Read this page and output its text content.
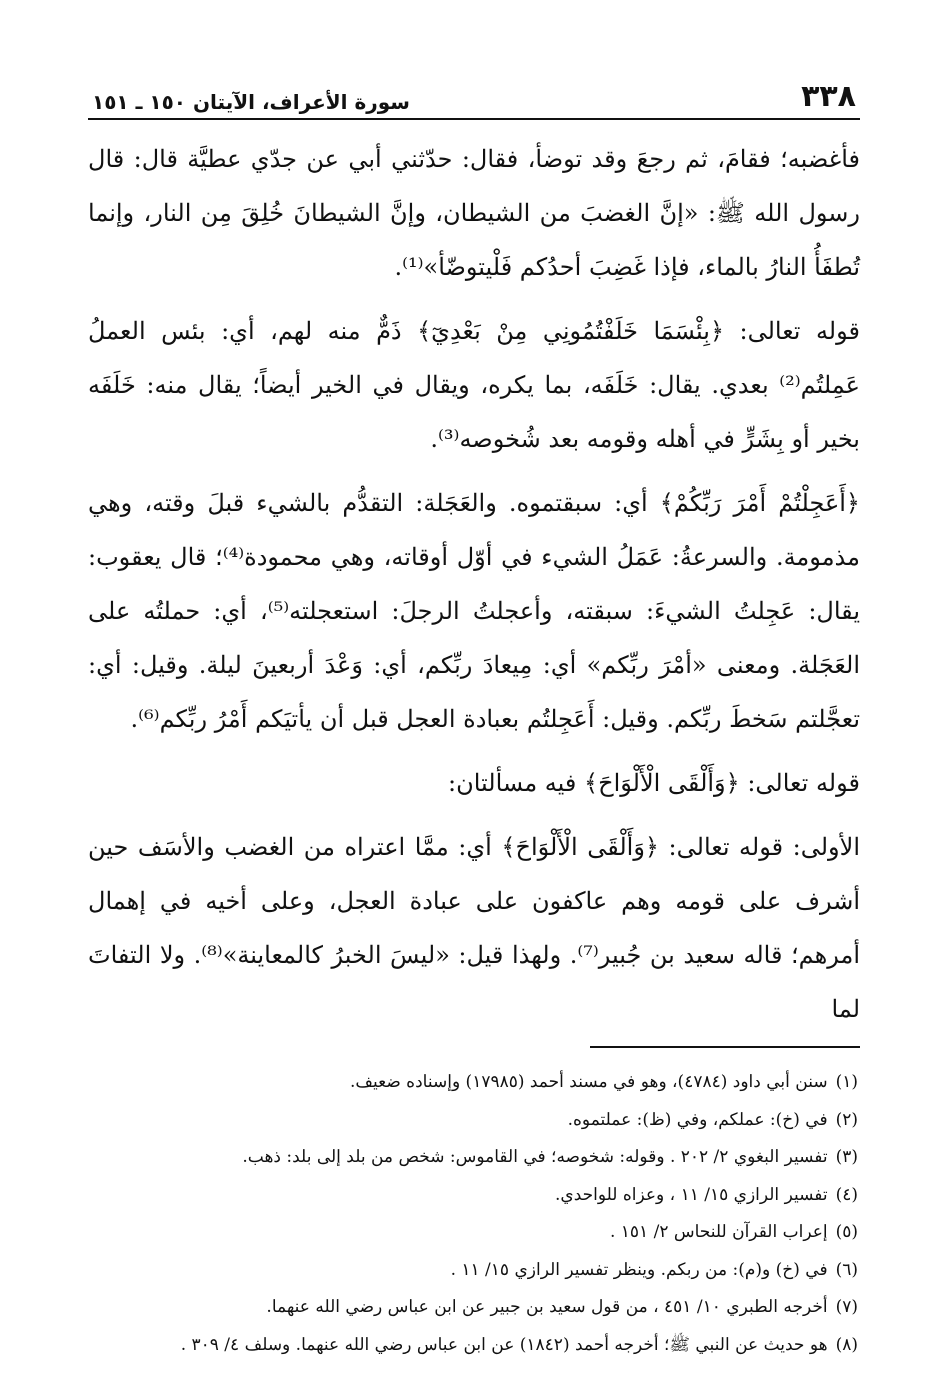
٣٣٨
سورة الأعراف، الآيتان ١٥٠ ـ ١٥١

فأغضبه؛ فقامَ، ثم رجعَ وقد توضأ، فقال: حدّثني أبي عن جدّي عطيَّة قال: قال رسول الله ﷺ: «إنَّ الغضبَ من الشيطان، وإنَّ الشيطانَ خُلِقَ مِن النار، وإنما تُطفَأُ النارُ بالماء، فإذا غَضِبَ أحدُكم فَلْيتوضّأ»⁽¹⁾.

قوله تعالى: ﴿بِئْسَمَا خَلَفْتُمُونِي مِنْ بَعْدِيٓ﴾ ذَمٌّ منه لهم، أي: بئس العملُ عَمِلتُم⁽²⁾ بعدي. يقال: خَلَفَه، بما يكره، ويقال في الخير أيضاً؛ يقال منه: خَلَفَه بخير أو بِشَرٍّ في أهله وقومه بعد شُخوصه⁽³⁾.

﴿أَعَجِلْتُمْ أَمْرَ رَبِّكُمْ﴾ أي: سبقتموه. والعَجَلة: التقدُّم بالشيء قبلَ وقته، وهي مذمومة. والسرعةُ: عَمَلُ الشيء في أوّل أوقاته، وهي محمودة⁽⁴⁾؛ قال يعقوب: يقال: عَجِلتُ الشيءَ: سبقته، وأعجلتُ الرجلَ: استعجلته⁽⁵⁾، أي: حملتُه على العَجَلة. ومعنى «أمْرَ ربِّكم» أي: مِيعادَ ربِّكم، أي: وَعْدَ أربعينَ ليلة. وقيل: أي: تعجَّلتم سَخطَ ربِّكم. وقيل: أَعَجِلتُم بعبادة العجل قبل أن يأتيَكم أَمْرُ ربِّكم⁽⁶⁾.

قوله تعالى: ﴿وَأَلْقَى الْأَلْوَاحَ﴾ فيه مسألتان:

الأولى: قوله تعالى: ﴿وَأَلْقَى الْأَلْوَاحَ﴾ أي: ممَّا اعتراه من الغضب والأسَف حين أشرف على قومه وهم عاكفون على عبادة العجل، وعلى أخيه في إهمال أمرهم؛ قاله سعيد بن جُبير⁽⁷⁾. ولهذا قيل: «ليسَ الخبرُ كالمعاينة»⁽⁸⁾. ولا التفاتَ لما

(١)سنن أبي داود (٤٧٨٤)، وهو في مسند أحمد (١٧٩٨٥) وإسناده ضعيف.
(٢)في (خ): عملكم، وفي (ظ): عملتموه.
(٣)تفسير البغوي ٢/ ٢٠٢ . وقوله: شخوصه؛ في القاموس: شخص من بلد إلى بلد: ذهب.
(٤)تفسير الرازي ١٥/ ١١ ، وعزاه للواحدي.
(٥)إعراب القرآن للنحاس ٢/ ١٥١ .
(٦)في (خ) و(م): من ربكم. وينظر تفسير الرازي ١٥/ ١١ .
(٧)أخرجه الطبري ١٠/ ٤٥١ ، من قول سعيد بن جبير عن ابن عباس رضي الله عنهما.
(٨)هو حديث عن النبي ﷺ؛ أخرجه أحمد (١٨٤٢) عن ابن عباس رضي الله عنهما. وسلف ٤/ ٣٠٩ .
